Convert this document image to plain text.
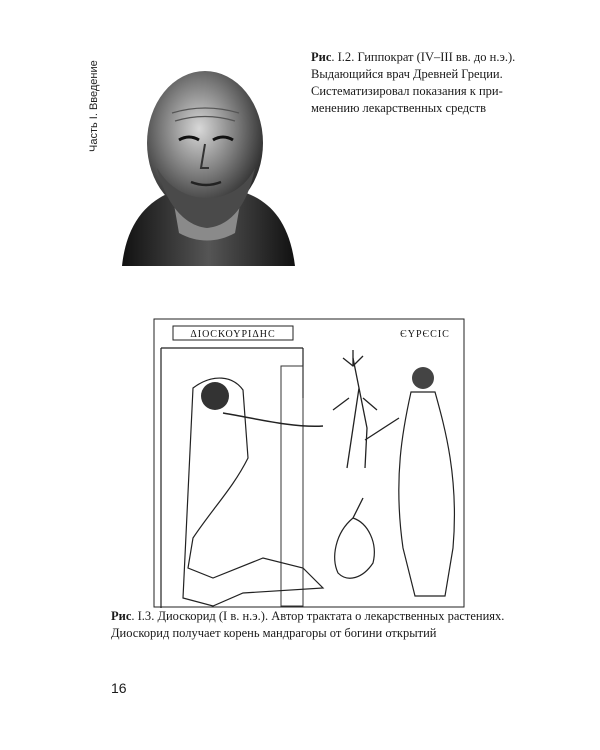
Часть I. Введение
Рис. I.2. Гиппократ (IV–III вв. до н.э.). Выдающийся врач Древней Греции. Систематизировал показания к при-менению лекарственных средств
ΔΙΟϹΚΟΥΡΙΔΗϹ	ЄΥΡЄϹΙϹ
Рис. I.3. Диоскорид (I в. н.э.). Автор трактата о лекарственных растениях. Диоскорид получает корень мандрагоры от богини открытий
16
